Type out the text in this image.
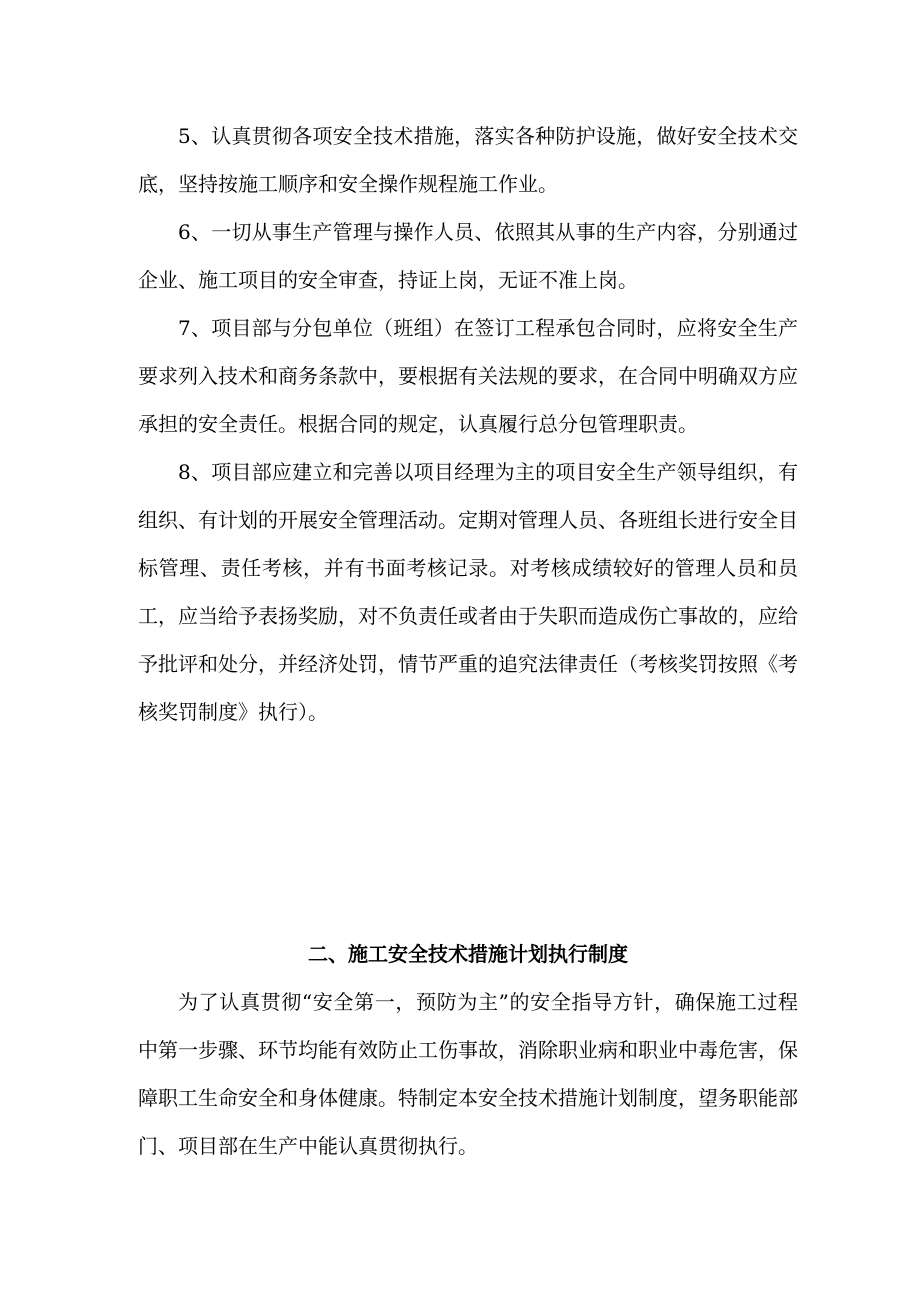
5、认真贯彻各项安全技术措施，落实各种防护设施，做好安全技术交底，坚持按施工顺序和安全操作规程施工作业。

6、一切从事生产管理与操作人员、依照其从事的生产内容，分别通过企业、施工项目的安全审查，持证上岗，无证不准上岗。

7、项目部与分包单位（班组）在签订工程承包合同时，应将安全生产要求列入技术和商务条款中，要根据有关法规的要求，在合同中明确双方应承担的安全责任。根据合同的规定，认真履行总分包管理职责。

8、项目部应建立和完善以项目经理为主的项目安全生产领导组织，有组织、有计划的开展安全管理活动。定期对管理人员、各班组长进行安全目标管理、责任考核，并有书面考核记录。对考核成绩较好的管理人员和员工，应当给予表扬奖励，对不负责任或者由于失职而造成伤亡事故的，应给予批评和处分，并经济处罚，情节严重的追究法律责任（考核奖罚按照《考核奖罚制度》执行）。

二、施工安全技术措施计划执行制度

为了认真贯彻“安全第一，预防为主”的安全指导方针，确保施工过程中第一步骤、环节均能有效防止工伤事故，消除职业病和职业中毒危害，保障职工生命安全和身体健康。特制定本安全技术措施计划制度，望务职能部门、项目部在生产中能认真贯彻执行。
